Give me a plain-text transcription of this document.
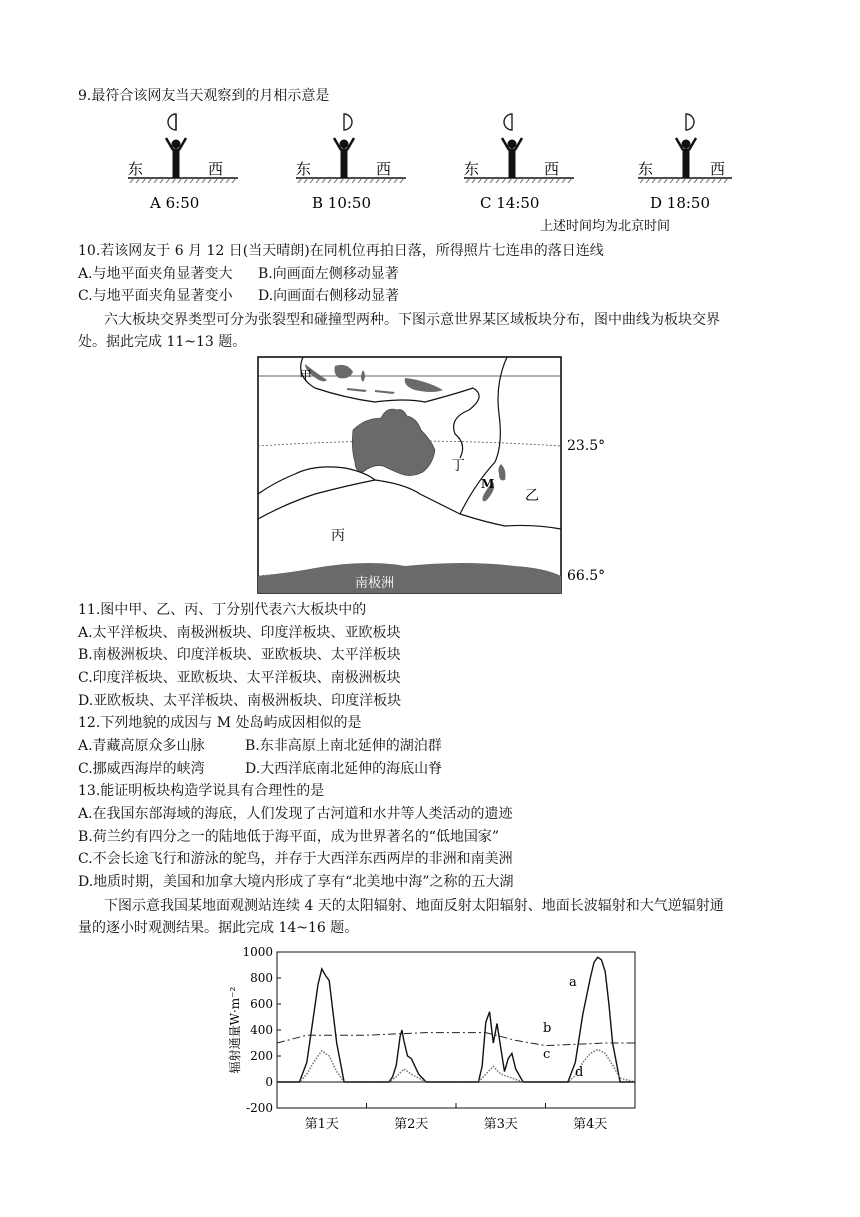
9.最符合该网友当天观察到的月相示意是
东	西
A 6:50
东	西
B 10:50
东	西
C 14:50
东	西
D 18:50
上述时间均为北京时间
10.若该网友于 6 月 12 日(当天晴朗)在同机位再拍日落，所得照片七连串的落日连线
A.与地平面夹角显著变大 B.向画面左侧移动显著
C.与地平面夹角显著变小 D.向画面右侧移动显著
六大板块交界类型可分为张裂型和碰撞型两种。下图示意世界某区域板块分布，图中曲线为板块交界
处。据此完成 11~13 题。
甲
丁
M
乙
丙
南极洲
23.5°
66.5°
11.图中甲、乙、丙、丁分别代表六大板块中的
A.太平洋板块、南极洲板块、印度洋板块、亚欧板块
B.南极洲板块、印度洋板块、亚欧板块、太平洋板块
C.印度洋板块、亚欧板块、太平洋板块、南极洲板块
D.亚欧板块、太平洋板块、南极洲板块、印度洋板块
12.下列地貌的成因与 M 处岛屿成因相似的是
A.青藏高原众多山脉	B.东非高原上南北延伸的湖泊群
C.挪威西海岸的峡湾	D.大西洋底南北延伸的海底山脊
13.能证明板块构造学说具有合理性的是
A.在我国东部海域的海底，人们发现了古河道和水井等人类活动的遗迹
B.荷兰约有四分之一的陆地低于海平面，成为世界著名的“低地国家”
C.不会长途飞行和游泳的鸵鸟，并存于大西洋东西两岸的非洲和南美洲
D.地质时期，美国和加拿大境内形成了享有“北美地中海”之称的五大湖
下图示意我国某地面观测站连续 4 天的太阳辐射、地面反射太阳辐射、地面长波辐射和大气逆辐射通
量的逐小时观测结果。据此完成 14~16 题。
1000
800
600
400
200
0
-200
第1天	第2天	第3天	第4天
辐射通量W·m⁻²
a
b
c
d
